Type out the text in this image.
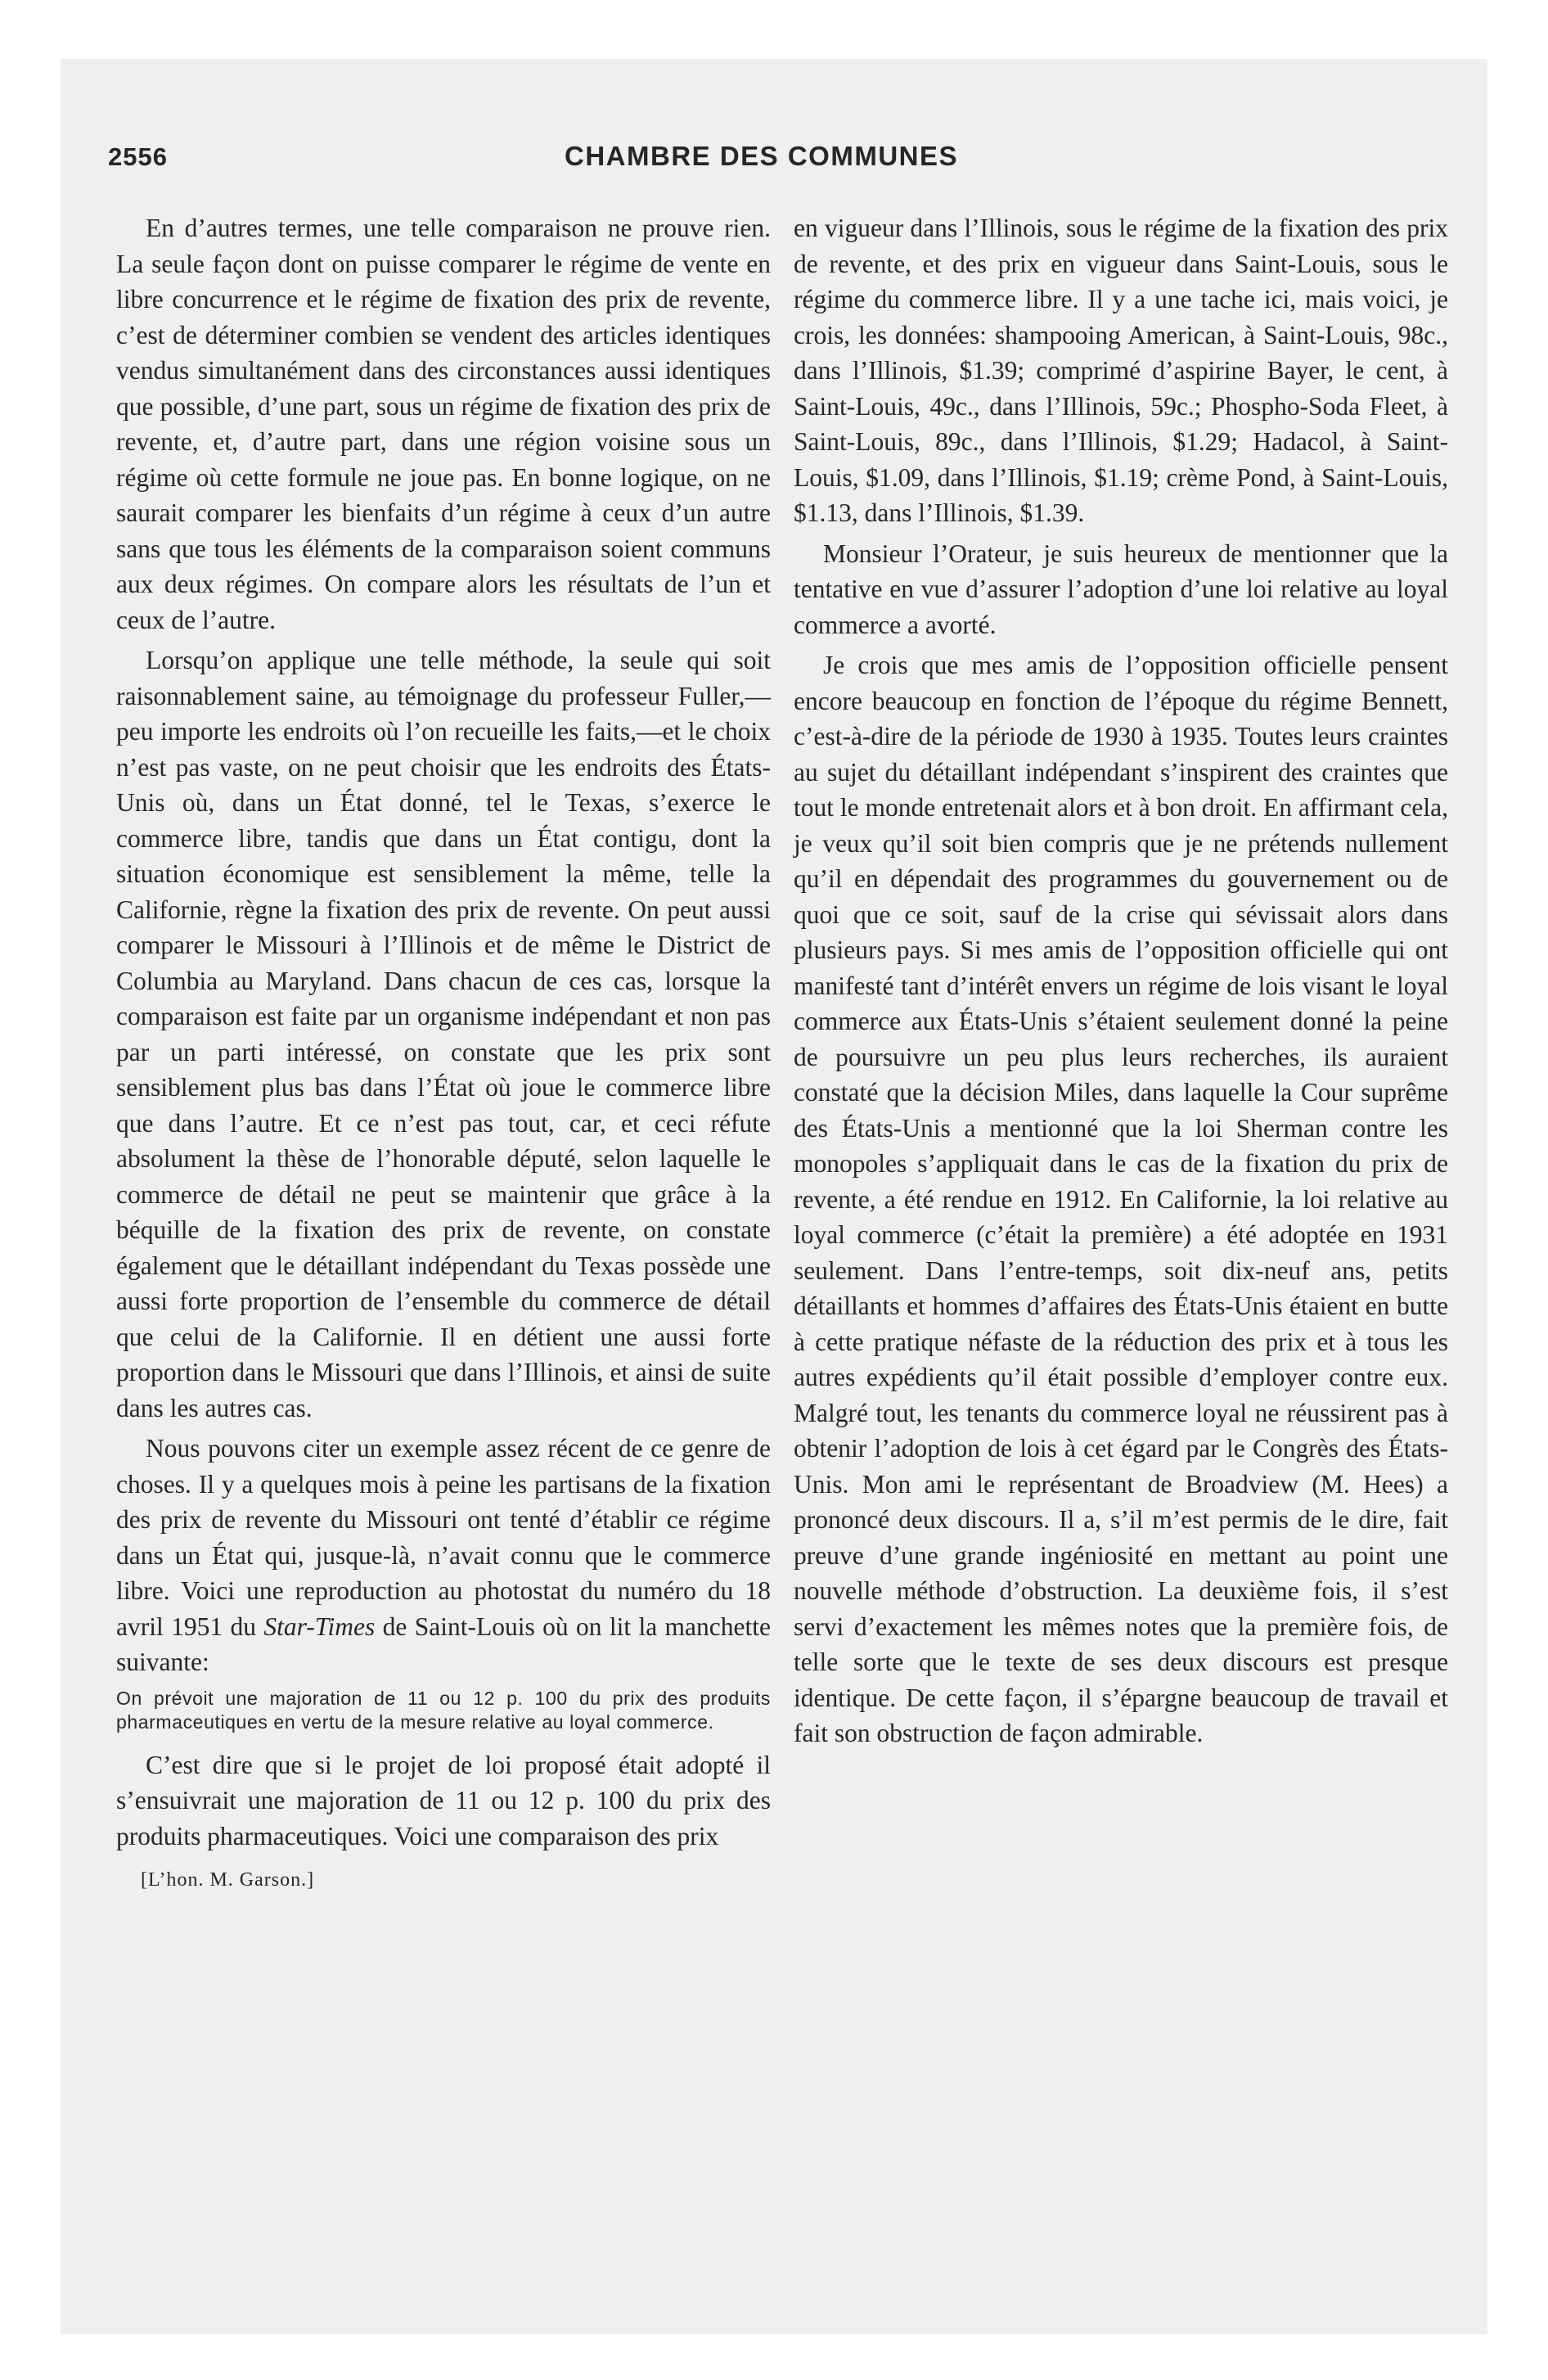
2556	CHAMBRE DES COMMUNES

En d’autres termes, une telle comparaison ne prouve rien. La seule façon dont on puisse comparer le régime de vente en libre concurrence et le régime de fixation des prix de revente, c’est de déterminer combien se vendent des articles identiques vendus simultanément dans des circonstances aussi identiques que possible, d’une part, sous un régime de fixation des prix de revente, et, d’autre part, dans une région voisine sous un régime où cette formule ne joue pas. En bonne logique, on ne saurait comparer les bienfaits d’un régime à ceux d’un autre sans que tous les éléments de la comparaison soient communs aux deux régimes. On compare alors les résultats de l’un et ceux de l’autre.

Lorsqu’on applique une telle méthode, la seule qui soit raisonnablement saine, au témoignage du professeur Fuller,—peu importe les endroits où l’on recueille les faits,—et le choix n’est pas vaste, on ne peut choisir que les endroits des États-Unis où, dans un État donné, tel le Texas, s’exerce le commerce libre, tandis que dans un État contigu, dont la situation économique est sensiblement la même, telle la Californie, règne la fixation des prix de revente. On peut aussi comparer le Missouri à l’Illinois et de même le District de Columbia au Maryland. Dans chacun de ces cas, lorsque la comparaison est faite par un organisme indépendant et non pas par un parti intéressé, on constate que les prix sont sensiblement plus bas dans l’État où joue le commerce libre que dans l’autre. Et ce n’est pas tout, car, et ceci réfute absolument la thèse de l’honorable député, selon laquelle le commerce de détail ne peut se maintenir que grâce à la béquille de la fixation des prix de revente, on constate également que le détaillant indépendant du Texas possède une aussi forte proportion de l’ensemble du commerce de détail que celui de la Californie. Il en détient une aussi forte proportion dans le Missouri que dans l’Illinois, et ainsi de suite dans les autres cas.

Nous pouvons citer un exemple assez récent de ce genre de choses. Il y a quelques mois à peine les partisans de la fixation des prix de revente du Missouri ont tenté d’établir ce régime dans un État qui, jusque-là, n’avait connu que le commerce libre. Voici une reproduction au photostat du numéro du 18 avril 1951 du Star-Times de Saint-Louis où on lit la manchette suivante:

On prévoit une majoration de 11 ou 12 p. 100 du prix des produits pharmaceutiques en vertu de la mesure relative au loyal commerce.

C’est dire que si le projet de loi proposé était adopté il s’ensuivrait une majoration de 11 ou 12 p. 100 du prix des produits pharmaceutiques. Voici une comparaison des prix

[L’hon. M. Garson.]

en vigueur dans l’Illinois, sous le régime de la fixation des prix de revente, et des prix en vigueur dans Saint-Louis, sous le régime du commerce libre. Il y a une tache ici, mais voici, je crois, les données: shampooing American, à Saint-Louis, 98c., dans l’Illinois, $1.39; comprimé d’aspirine Bayer, le cent, à Saint-Louis, 49c., dans l’Illinois, 59c.; Phospho-Soda Fleet, à Saint-Louis, 89c., dans l’Illinois, $1.29; Hadacol, à Saint-Louis, $1.09, dans l’Illinois, $1.19; crème Pond, à Saint-Louis, $1.13, dans l’Illinois, $1.39.

Monsieur l’Orateur, je suis heureux de mentionner que la tentative en vue d’assurer l’adoption d’une loi relative au loyal commerce a avorté.

Je crois que mes amis de l’opposition officielle pensent encore beaucoup en fonction de l’époque du régime Bennett, c’est-à-dire de la période de 1930 à 1935. Toutes leurs craintes au sujet du détaillant indépendant s’inspirent des craintes que tout le monde entretenait alors et à bon droit. En affirmant cela, je veux qu’il soit bien compris que je ne prétends nullement qu’il en dépendait des programmes du gouvernement ou de quoi que ce soit, sauf de la crise qui sévissait alors dans plusieurs pays. Si mes amis de l’opposition officielle qui ont manifesté tant d’intérêt envers un régime de lois visant le loyal commerce aux États-Unis s’étaient seulement donné la peine de poursuivre un peu plus leurs recherches, ils auraient constaté que la décision Miles, dans laquelle la Cour suprême des États-Unis a mentionné que la loi Sherman contre les monopoles s’appliquait dans le cas de la fixation du prix de revente, a été rendue en 1912. En Californie, la loi relative au loyal commerce (c’était la première) a été adoptée en 1931 seulement. Dans l’entre-temps, soit dix-neuf ans, petits détaillants et hommes d’affaires des États-Unis étaient en butte à cette pratique néfaste de la réduction des prix et à tous les autres expédients qu’il était possible d’employer contre eux. Malgré tout, les tenants du commerce loyal ne réussirent pas à obtenir l’adoption de lois à cet égard par le Congrès des États-Unis. Mon ami le représentant de Broadview (M. Hees) a prononcé deux discours. Il a, s’il m’est permis de le dire, fait preuve d’une grande ingéniosité en mettant au point une nouvelle méthode d’obstruction. La deuxième fois, il s’est servi d’exactement les mêmes notes que la première fois, de telle sorte que le texte de ses deux discours est presque identique. De cette façon, il s’épargne beaucoup de travail et fait son obstruction de façon admirable.
